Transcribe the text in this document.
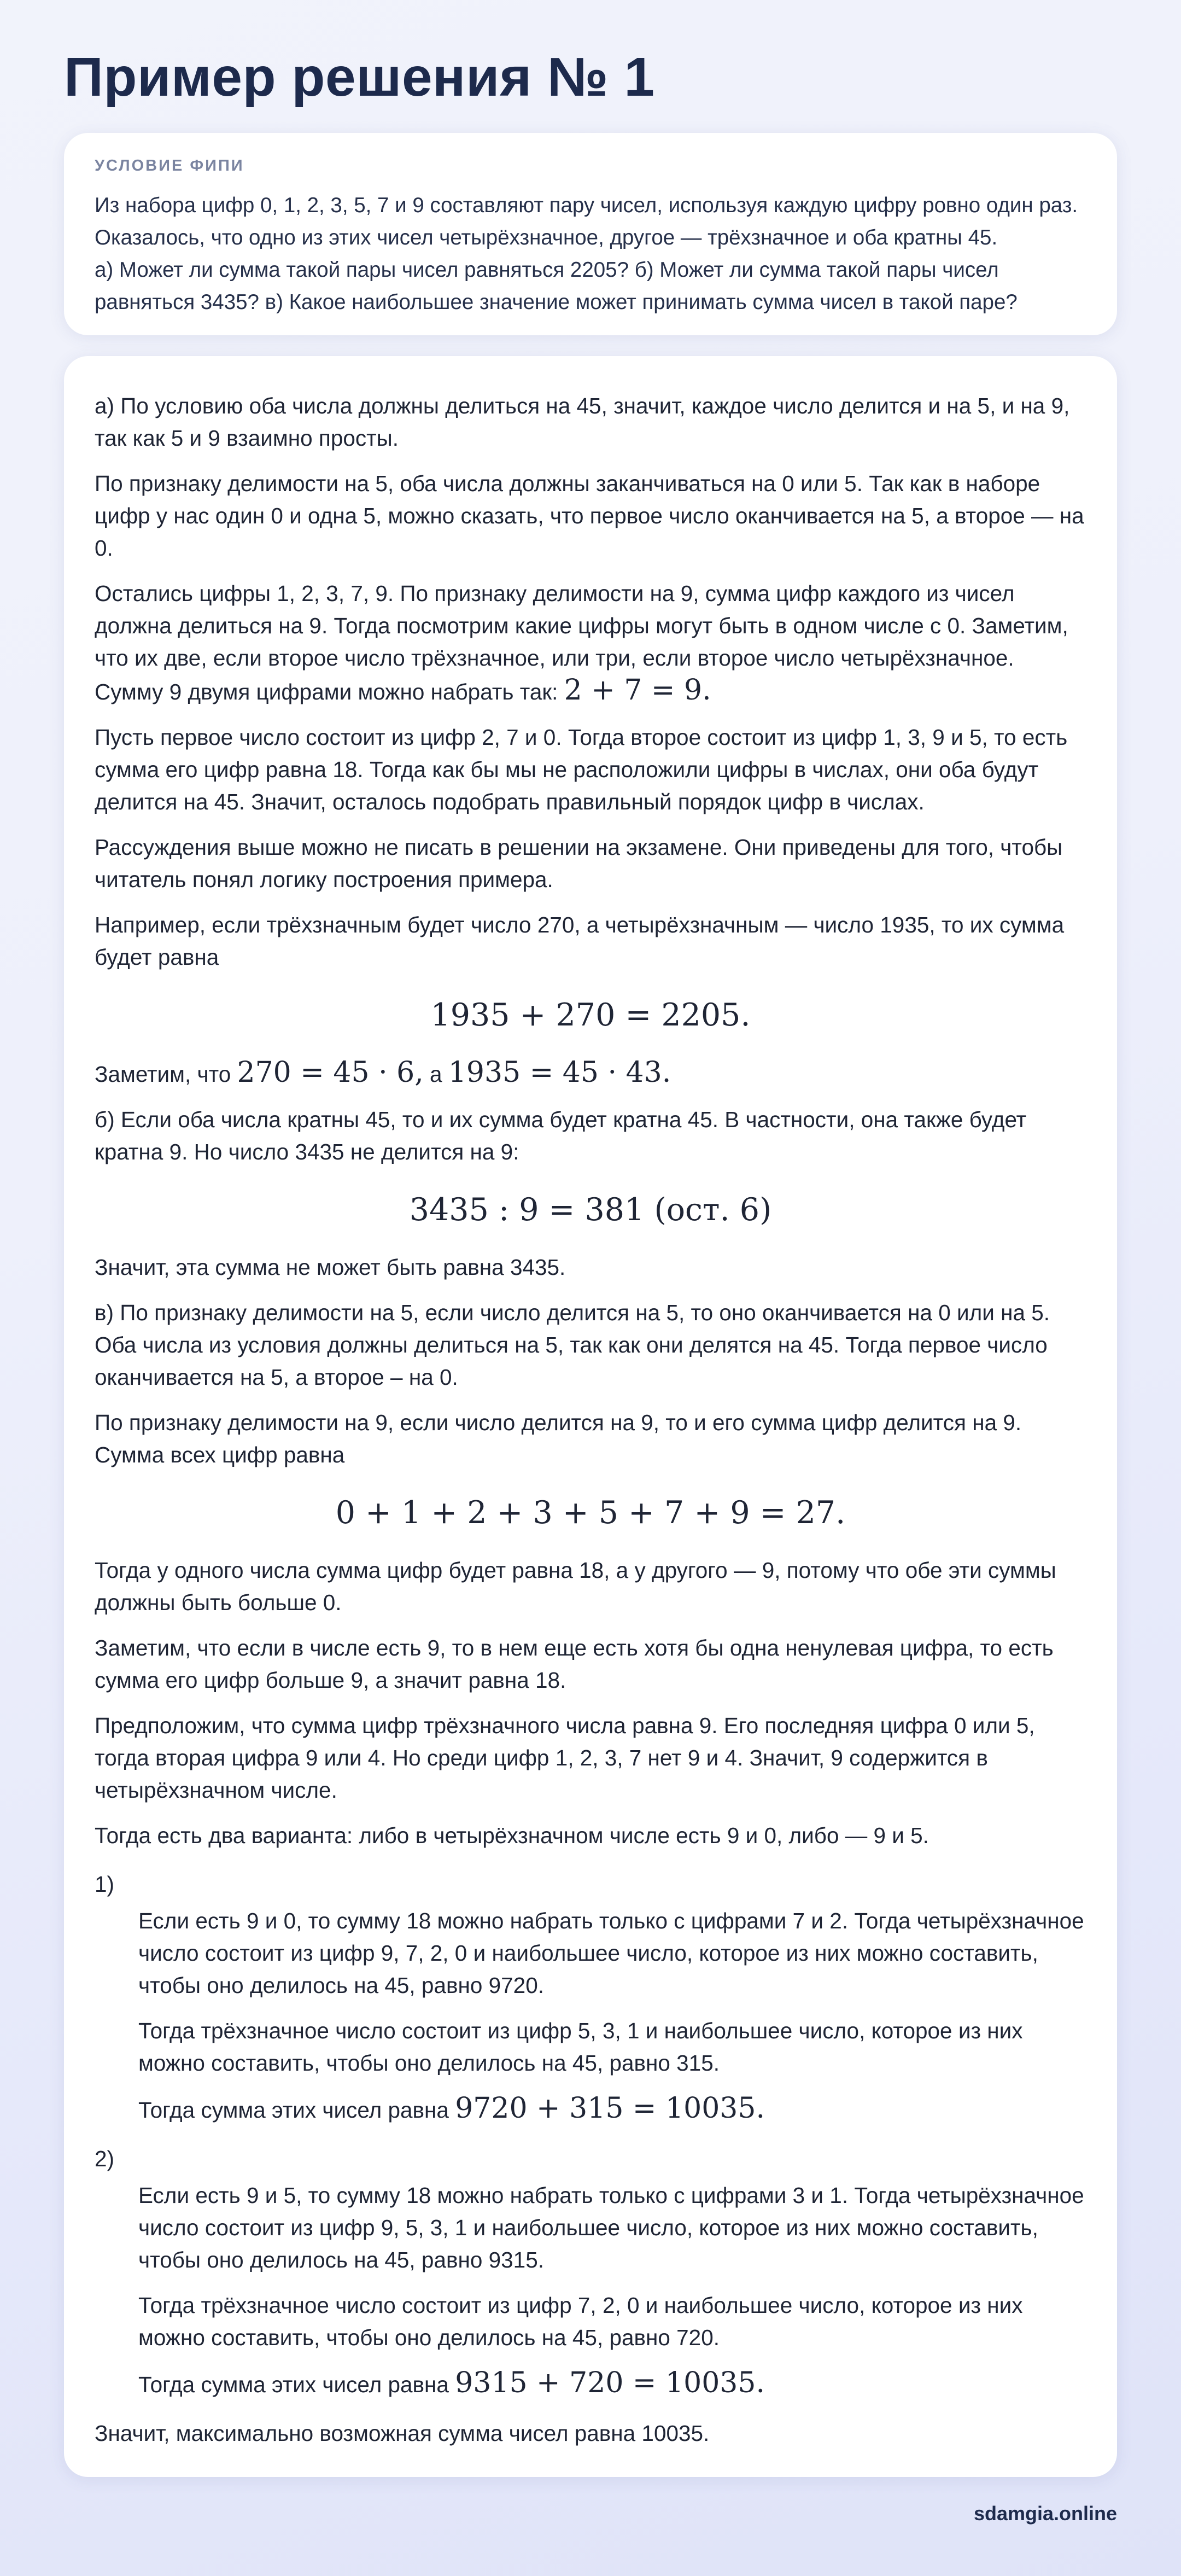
Пример решения № 1
УСЛОВИЕ ФИПИ

Из набора цифр 0, 1, 2, 3, 5, 7 и 9 составляют пару чисел, используя каждую цифру ровно один раз. Оказалось, что одно из этих чисел четырёхзначное, другое — трёхзначное и оба кратны 45.
а) Может ли сумма такой пары чисел равняться 2205? б) Может ли сумма такой пары чисел равняться 3435? в) Какое наибольшее значение может принимать сумма чисел в такой паре?

а) По условию оба числа должны делиться на 45, значит, каждое число делится и на 5, и на 9, так как 5 и 9 взаимно просты.

По признаку делимости на 5, оба числа должны заканчиваться на 0 или 5. Так как в наборе цифр у нас один 0 и одна 5, можно сказать, что первое число оканчивается на 5, а второе — на 0.

Остались цифры 1, 2, 3, 7, 9. По признаку делимости на 9, сумма цифр каждого из чисел должна делиться на 9. Тогда посмотрим какие цифры могут быть в одном числе с 0. Заметим, что их две, если второе число трёхзначное, или три, если второе число четырёхзначное. Сумму 9 двумя цифрами можно набрать так: 2 + 7 = 9.

Пусть первое число состоит из цифр 2, 7 и 0. Тогда второе состоит из цифр 1, 3, 9 и 5, то есть сумма его цифр равна 18. Тогда как бы мы не расположили цифры в числах, они оба будут делится на 45. Значит, осталось подобрать правильный порядок цифр в числах.

Рассуждения выше можно не писать в решении на экзамене. Они приведены для того, чтобы читатель понял логику построения примера.

Например, если трёхзначным будет число 270, а четырёхзначным — число 1935, то их сумма будет равна

1935 + 270 = 2205.

Заметим, что 270 = 45 · 6, а 1935 = 45 · 43.

б) Если оба числа кратны 45, то и их сумма будет кратна 45. В частности, она также будет кратна 9. Но число 3435 не делится на 9:

3435 : 9 = 381 (ост. 6)

Значит, эта сумма не может быть равна 3435.

в) По признаку делимости на 5, если число делится на 5, то оно оканчивается на 0 или на 5. Оба числа из условия должны делиться на 5, так как они делятся на 45. Тогда первое число оканчивается на 5, а второе – на 0.

По признаку делимости на 9, если число делится на 9, то и его сумма цифр делится на 9. Сумма всех цифр равна

0 + 1 + 2 + 3 + 5 + 7 + 9 = 27.

Тогда у одного числа сумма цифр будет равна 18, а у другого — 9, потому что обе эти суммы должны быть больше 0.

Заметим, что если в числе есть 9, то в нем еще есть хотя бы одна ненулевая цифра, то есть сумма его цифр больше 9, а значит равна 18.

Предположим, что сумма цифр трёхзначного числа равна 9. Его последняя цифра 0 или 5, тогда вторая цифра 9 или 4. Но среди цифр 1, 2, 3, 7 нет 9 и 4. Значит, 9 содержится в четырёхзначном числе.

Тогда есть два варианта: либо в четырёхзначном числе есть 9 и 0, либо — 9 и 5.

1)

Если есть 9 и 0, то сумму 18 можно набрать только с цифрами 7 и 2. Тогда четырёхзначное число состоит из цифр 9, 7, 2, 0 и наибольшее число, которое из них можно составить, чтобы оно делилось на 45, равно 9720.

Тогда трёхзначное число состоит из цифр 5, 3, 1 и наибольшее число, которое из них можно составить, чтобы оно делилось на 45, равно 315.

Тогда сумма этих чисел равна 9720 + 315 = 10035.

2)

Если есть 9 и 5, то сумму 18 можно набрать только с цифрами 3 и 1. Тогда четырёхзначное число состоит из цифр 9, 5, 3, 1 и наибольшее число, которое из них можно составить, чтобы оно делилось на 45, равно 9315.

Тогда трёхзначное число состоит из цифр 7, 2, 0 и наибольшее число, которое из них можно составить, чтобы оно делилось на 45, равно 720.

Тогда сумма этих чисел равна 9315 + 720 = 10035.

Значит, максимально возможная сумма чисел равна 10035.

sdamgia.online
